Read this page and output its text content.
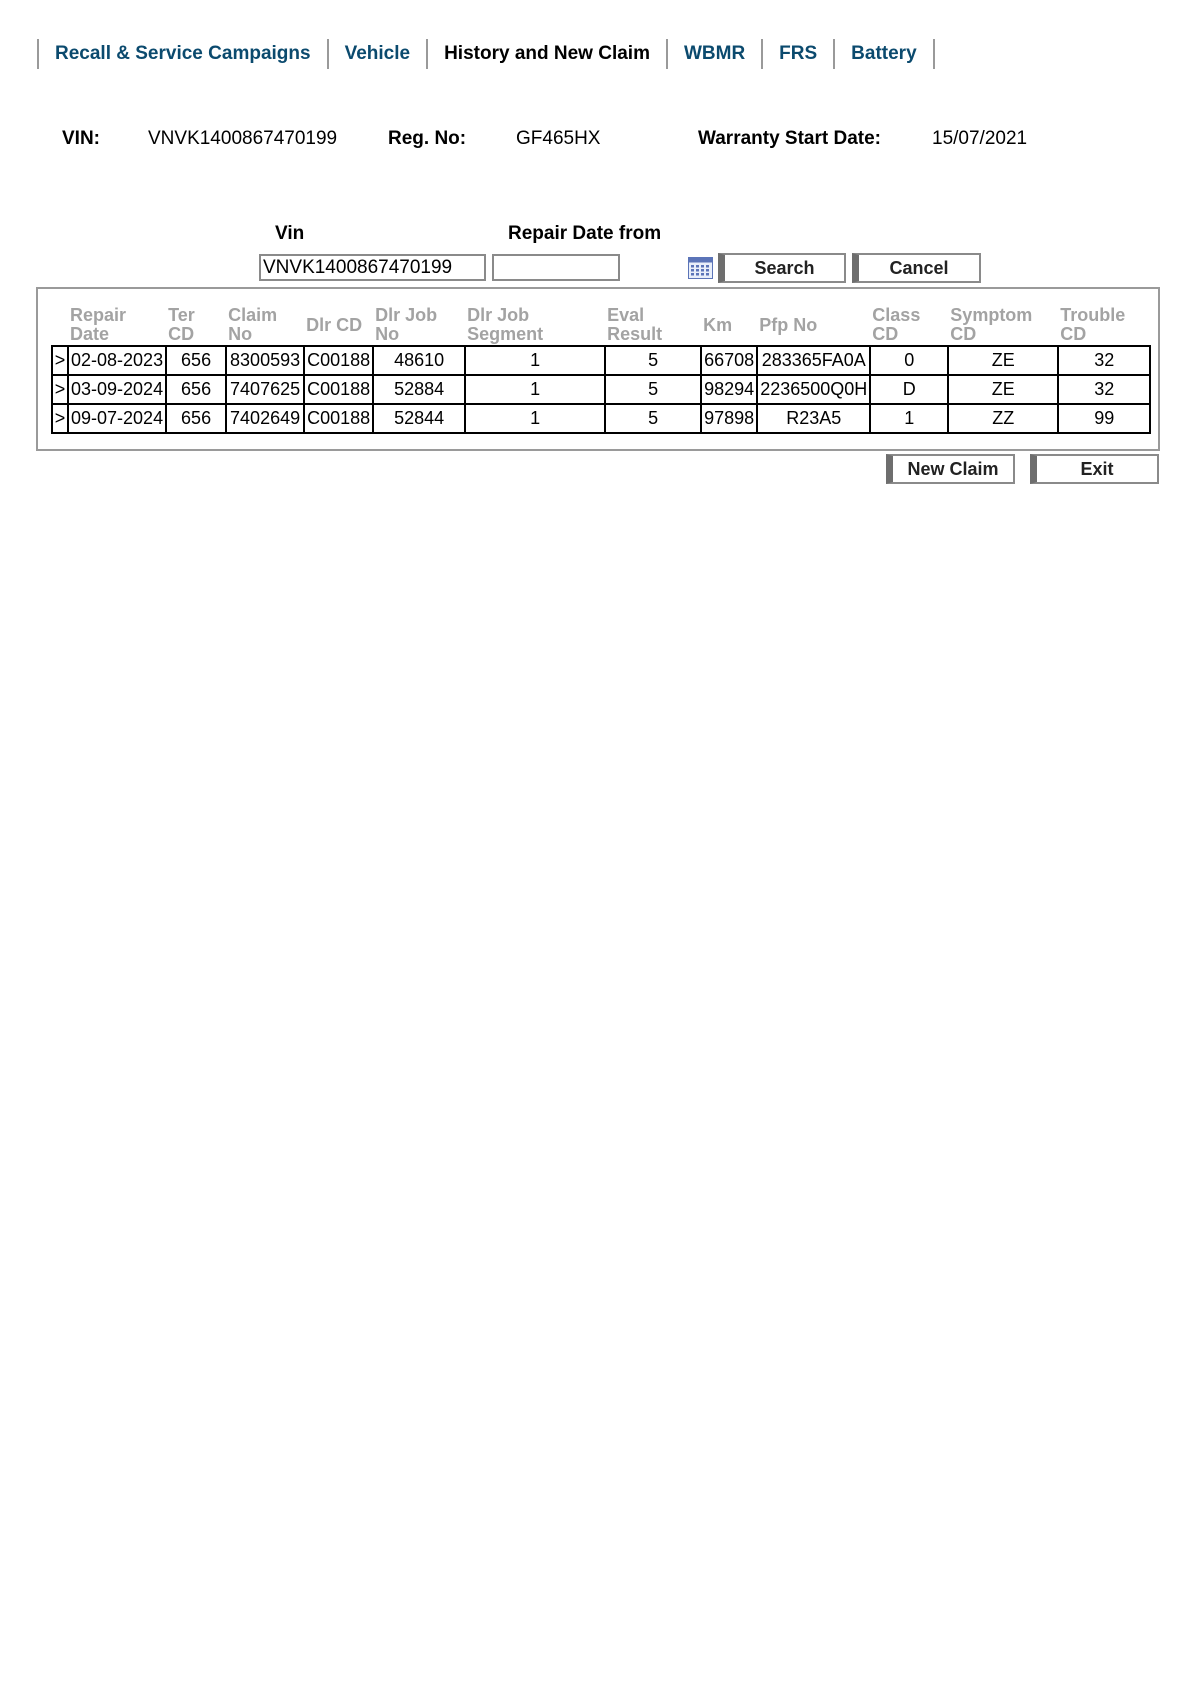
Recall & Service Campaigns	Vehicle	History and New Claim	WBMR	FRS	Battery
VIN:	VNVK1400867470199	Reg. No:	GF465HX	Warranty Start Date:	15/07/2021
Vin	Repair Date from
VNVK1400867470199
Search	Cancel
	Repair Date	Ter CD	Claim No	Dlr CD	Dlr Job No	Dlr Job Segment	Eval Result	Km	Pfp No	Class CD	Symptom CD	Trouble CD
>	02-08-2023	656	8300593	C00188	48610	1	5	66708	283365FA0A	0	ZE	32
>	03-09-2024	656	7407625	C00188	52884	1	5	98294	2236500Q0H	D	ZE	32
>	09-07-2024	656	7402649	C00188	52844	1	5	97898	R23A5	1	ZZ	99
New Claim	Exit
